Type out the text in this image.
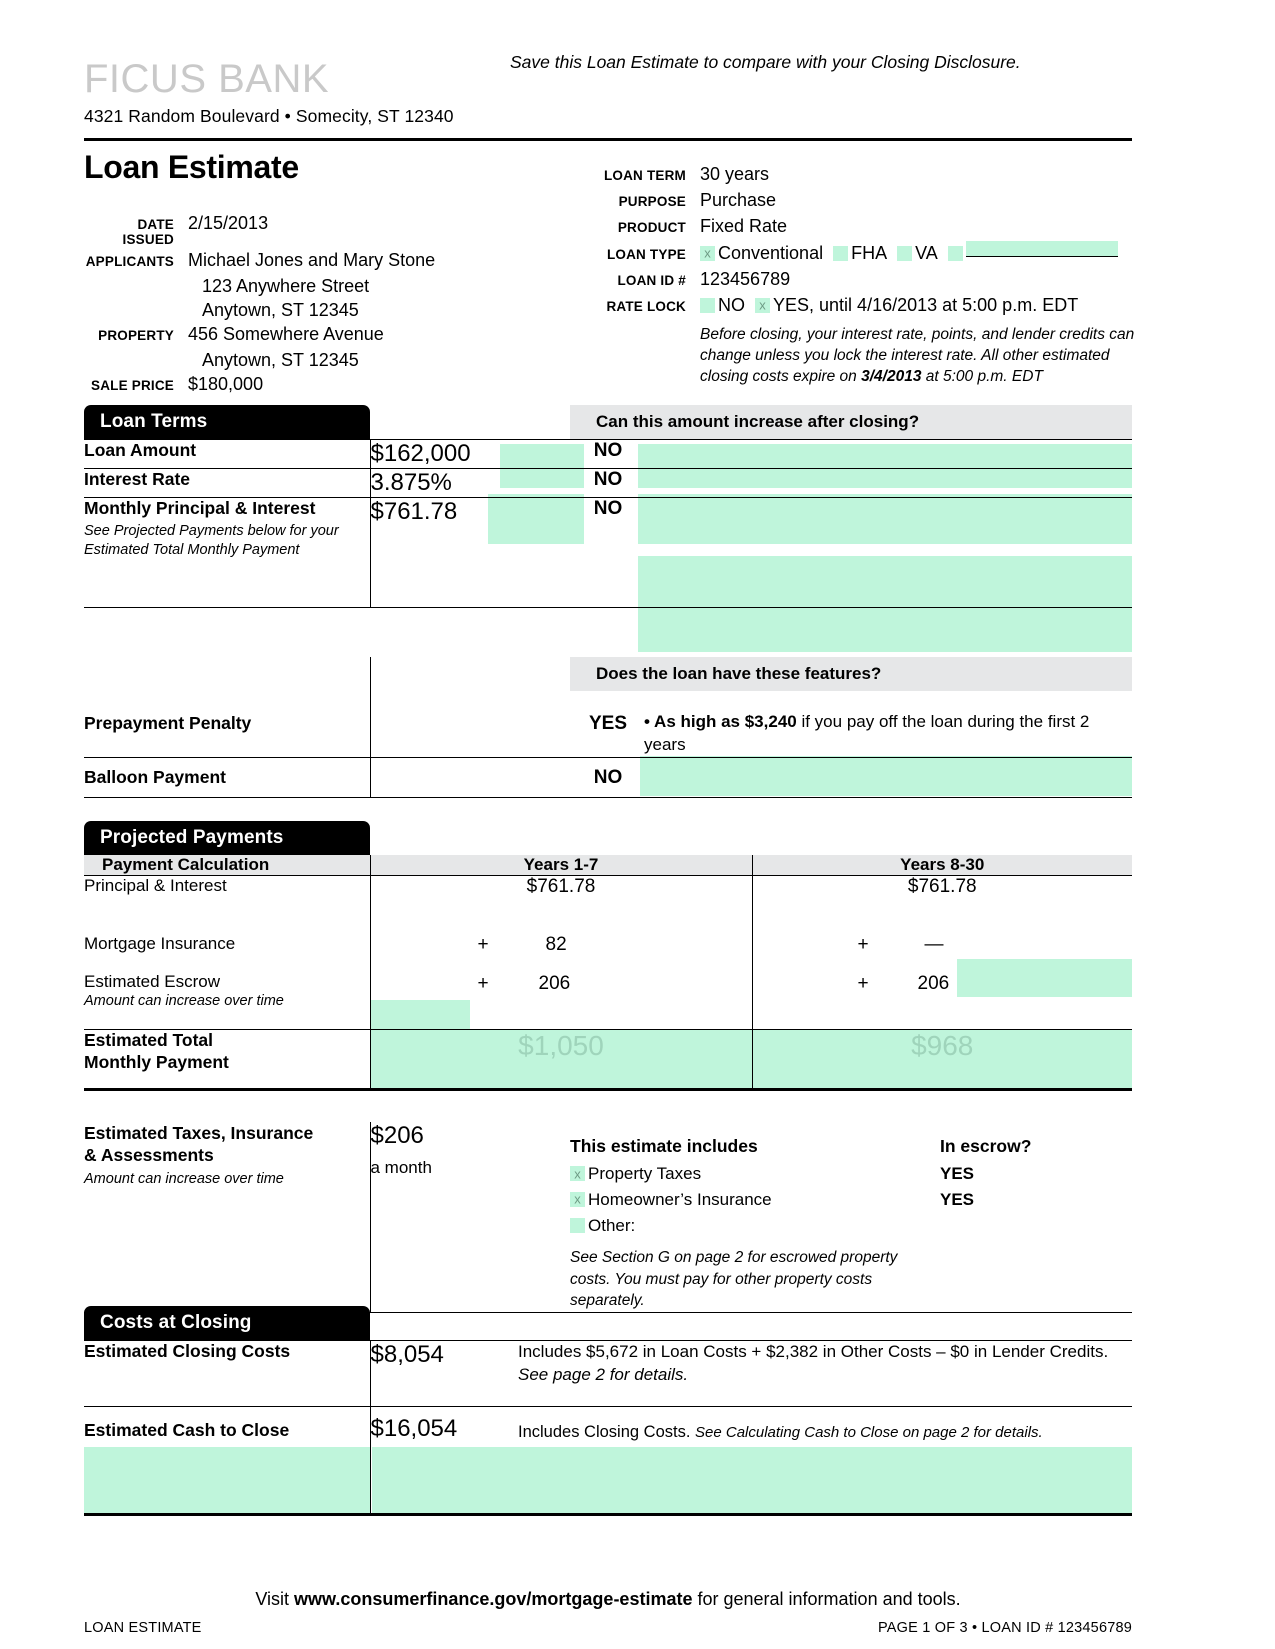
FICUS BANK
4321 Random Boulevard • Somecity, ST 12340
Save this Loan Estimate to compare with your Closing Disclosure.
Loan Estimate
DATE ISSUED
2/15/2013
APPLICANTS Michael Jones and Mary Stone
123 Anywhere Street
Anytown, ST 12345
PROPERTY 456 Somewhere Avenue
Anytown, ST 12345
SALE PRICE $180,000
LOAN TERM 30 years
PURPOSE Purchase
PRODUCT Fixed Rate
LOAN TYPE x	Conventional FHA VA
LOAN ID # 123456789
RATE LOCK	NO x YES, until 4/16/2013 at 5:00 p.m. EDT
Before closing, your interest rate, points, and lender credits can change unless you lock the interest rate. All other estimated closing costs expire on 3/4/2013 at 5:00 p.m. EDT
Loan Terms	Can this amount increase after closing?
Loan Amount	$162,000	NO	
Interest Rate	3.875%	NO	
Monthly Principal & Interest
See Projected Payments below for your Estimated Total Monthly Payment	$761.78	NO	
Does the loan have these features?

Prepayment Penalty		YES	• As high as $3,240 if you pay off the loan during the first 2 years
Balloon Payment		NO	
Projected Payments
Payment Calculation	Years 1-7	Years 8-30
Principal & Interest	$761.78	$761.78
Mortgage Insurance	+ 82	+ —

Estimated Escrow
Amount can increase over time	+ 206	+ 206

Estimated Total
Monthly Payment	$1,050	$968
Estimated Taxes, Insurance
& Assessments
Amount can increase over time
	$206
a month

This estimate includes
xProperty Taxes
xHomeowner’s Insurance
Other:
See Section G on page 2 for escrowed property costs. You must pay for other property costs separately.

In escrow?
YES
YES
Costs at Closing
Estimated Closing Costs	$8,054	Includes $5,672 in Loan Costs + $2,382 in Other Costs – $0 in Lender Credits. See page 2 for details.
Estimated Cash to Close	$16,054	Includes Closing Costs. See Calculating Cash to Close on page 2 for details.
Visit www.consumerfinance.gov/mortgage-estimate for general information and tools.
LOAN ESTIMATE	PAGE 1 OF 3 • LOAN ID # 123456789
